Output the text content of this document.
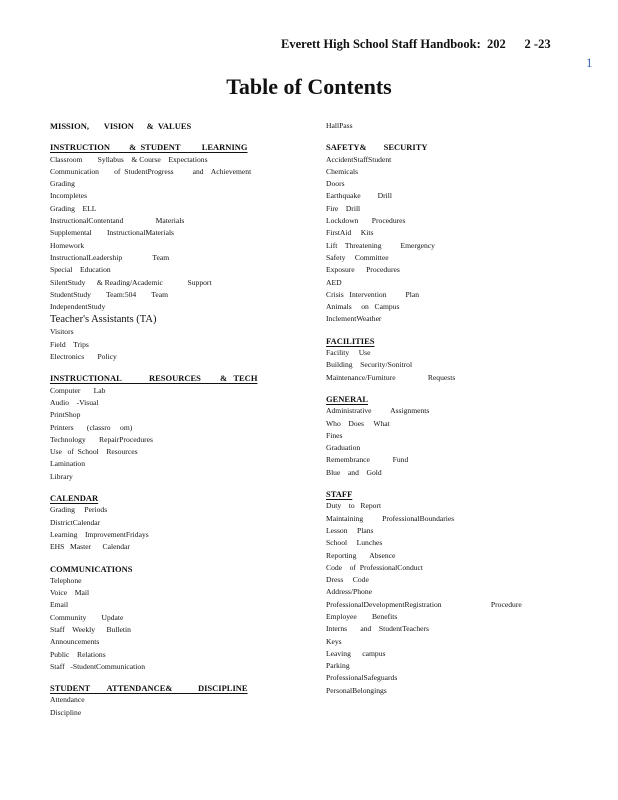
Everett High School Staff Handbook:  202      2 -23
1
Table of Contents
MISSION,       VISION      &  VALUES
INSTRUCTION         &  STUDENT          LEARNING
Classroom        Syllabus    & Course    Expectations
Communication        of  StudentProgress          and    Achievement
Grading
Incompletes
Grading    ELL
InstructionalContentand                 Materials
Supplemental        InstructionalMaterials
Homework
InstructionalLeadership                Team
Special    Education
SilentStudy      & Reading/Academic             Support
StudentStudy        Team:504        Team
IndependentStudy
Teacher's Assistants (TA)
Visitors
Field    Trips
Electronics       Policy
INSTRUCTIONAL             RESOURCES         &   TECH
Computer       Lab
Audio    -Visual
PrintShop
Printers       (classro     om)
Technology       RepairProcedures
Use   of  School    Resources
Lamination
Library
CALENDAR
Grading     Periods
DistrictCalendar
Learning    ImprovementFridays
EHS   Master      Calendar
COMMUNICATIONS
Telephone
Voice    Mail
Email
Community        Update
Staff    Weekly      Bulletin
Announcements
Public    Relations
Staff   -StudentCommunication
STUDENT        ATTENDANCE&            DISCIPLINE
Attendance
Discipline
HallPass
SAFETY&        SECURITY
AccidentStaffStudent
Chemicals
Doors
Earthquake         Drill
Fire    Drill
Lockdown       Procedures
FirstAid     Kits
Lift    Threatening          Emergency
Safety     Committee
Exposure      Procedures
AED
Crisis   Intervention          Plan
Animals     on   Campus
InclementWeather
FACILITIES
Facility     Use
Building    Security/Sonitrol
Maintenance/Furniture                 Requests
GENERAL
Administrative          Assignments
Who    Does     What
Fines
Graduation
Remembrance            Fund
Blue    and    Gold
STAFF
Duty    to   Report
Maintaining          ProfessionalBoundaries
Lesson     Plans
School     Lunches
Reporting       Absence
Code    of  ProfessionalConduct
Dress     Code
Address/Phone
ProfessionalDevelopmentRegistration                          Procedure
Employee        Benefits
Interns       and    StudentTeachers
Keys
Leaving      campus
Parking
ProfessionalSafeguards
PersonalBelongings
